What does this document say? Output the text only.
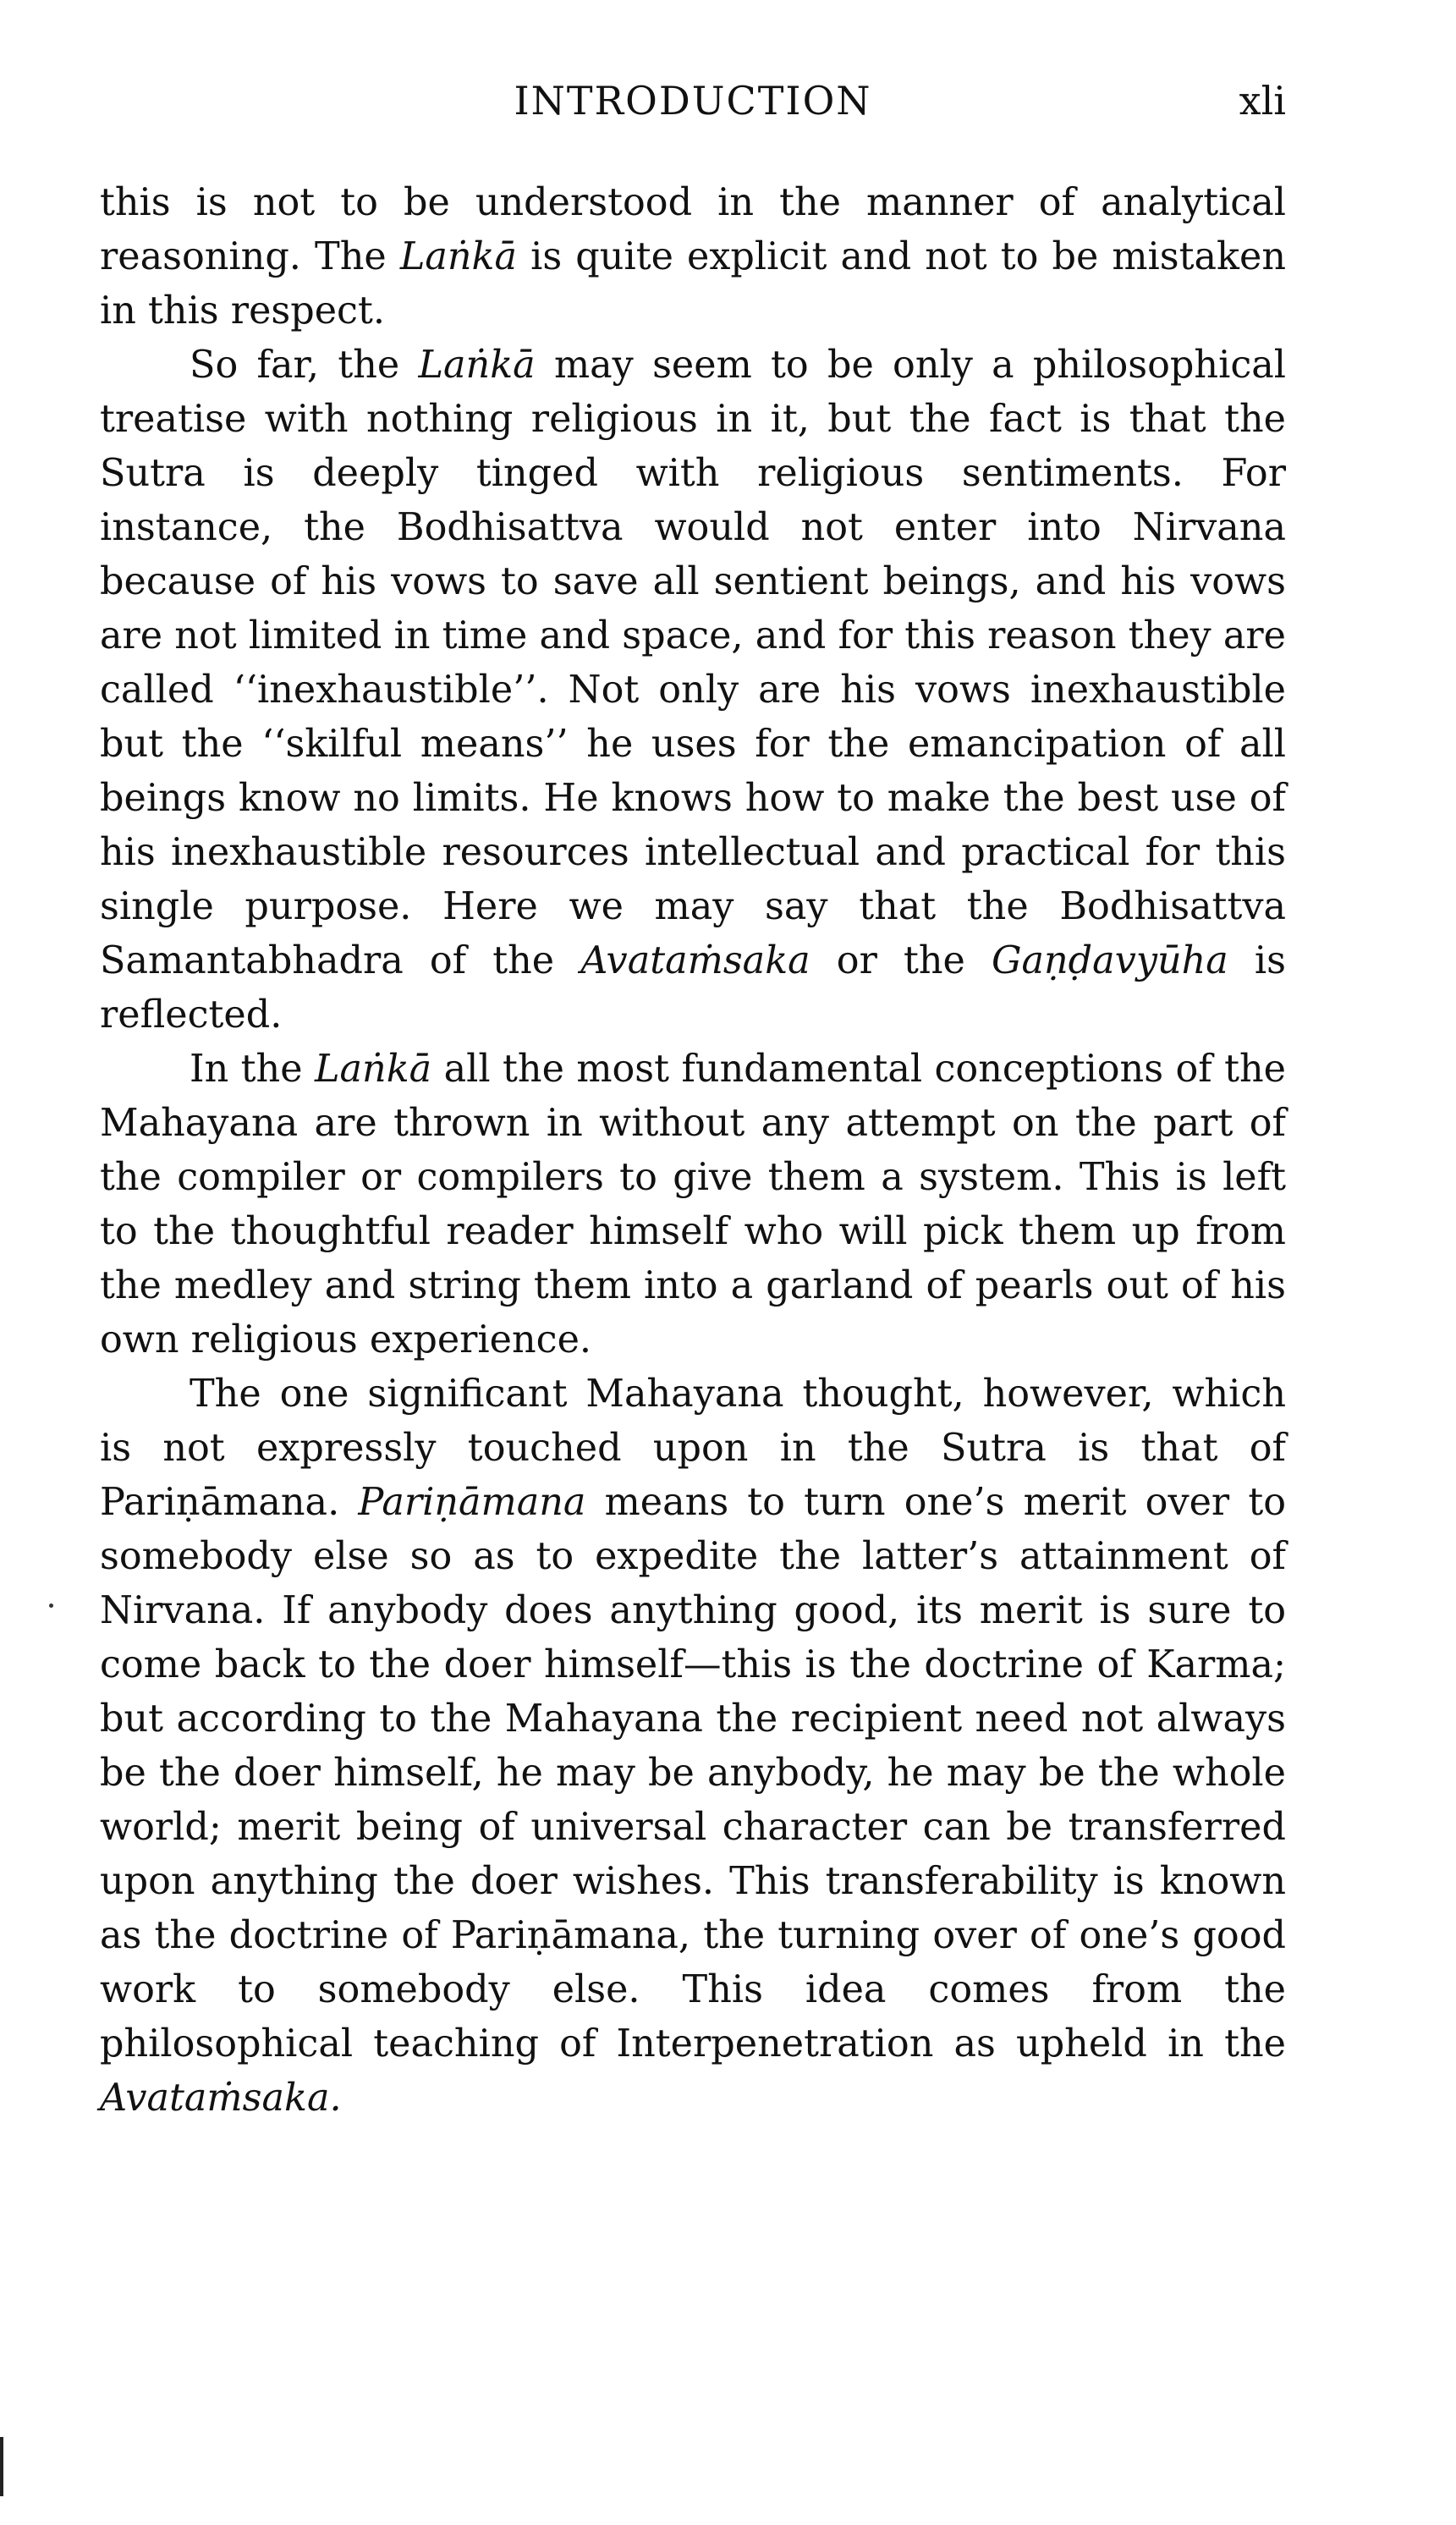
INTRODUCTION	xli

this is not to be understood in the manner of analytical reasoning. The Laṅkā is quite explicit and not to be mistaken in this respect.

So far, the Laṅkā may seem to be only a philosophical treatise with nothing religious in it, but the fact is that the Sutra is deeply tinged with religious sentiments. For instance, the Bodhisattva would not enter into Nirvana because of his vows to save all sentient beings, and his vows are not limited in time and space, and for this reason they are called ‘‘inexhaustible’’. Not only are his vows inexhaustible but the ‘‘skilful means’’ he uses for the emancipation of all beings know no limits. He knows how to make the best use of his inexhaustible resources intellectual and practical for this single purpose. Here we may say that the Bodhisattva Samantabhadra of the Avataṁsaka or the Gaṇḍavyūha is reflected.

In the Laṅkā all the most fundamental conceptions of the Mahayana are thrown in without any attempt on the part of the compiler or compilers to give them a system. This is left to the thoughtful reader himself who will pick them up from the medley and string them into a garland of pearls out of his own religious experience.

The one significant Mahayana thought, however, which is not expressly touched upon in the Sutra is that of Pariṇāmana. Pariṇāmana means to turn one’s merit over to somebody else so as to expedite the latter’s attainment of Nirvana. If anybody does anything good, its merit is sure to come back to the doer himself—this is the doctrine of Karma; but according to the Mahayana the recipient need not always be the doer himself, he may be anybody, he may be the whole world; merit being of universal character can be transferred upon anything the doer wishes. This transferability is known as the doctrine of Pariṇāmana, the turning over of one’s good work to somebody else. This idea comes from the philosophical teaching of Interpenetration as upheld in the Avataṁsaka.
